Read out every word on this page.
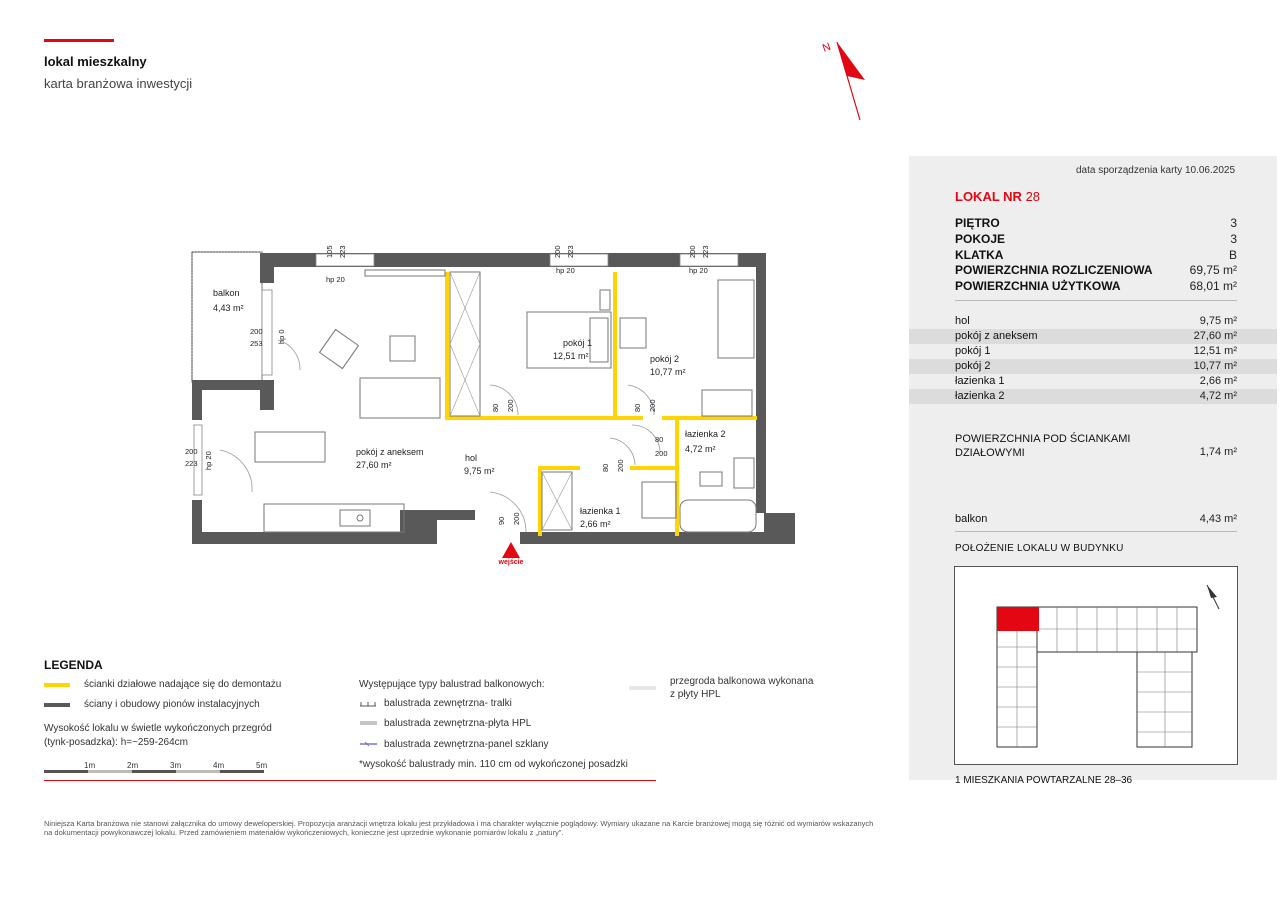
lokal mieszkalny
karta branżowa inwestycji
N
wejście
balkon
4,43 m²
pokój z aneksem
27,60 m²
pokój 1
12,51 m²	pokój 2
10,77 m²
hol
9,75 m²
łazienka 1
2,66 m²
łazienka 2
4,72 m²
105 223
hp 20
200 223
hp 20
200 223
hp 20
200
253 hp 0
200
223 hp 20
80 200	80 200
80
200
80 200
90 200
data sporządzenia karty 10.06.2025
LOKAL NR 28
PIĘTRO	3
POKOJE	3
KLATKA	B
POWIERZCHNIA ROZLICZENIOWA	69,75 m²
POWIERZCHNIA UŻYTKOWA	68,01 m²
hol	9,75 m²
pokój z aneksem	27,60 m²
pokój 1	12,51 m²
pokój 2	10,77 m²
łazienka 1	2,66 m²
łazienka 2	4,72 m²
POWIERZCHNIA POD ŚCIANKAMI
DZIAŁOWYMI	1,74 m²
balkon	4,43 m²
POŁOŻENIE LOKALU W BUDYNKU
1 MIESZKANIA POWTARZALNE 28–36
LEGENDA
ścianki działowe nadające się do demontażu
ściany i obudowy pionów instalacyjnych
Wysokość lokalu w świetle wykończonych przegród
(tynk-posadzka): h=~259-264cm
1m	2m	3m	4m	5m
Występujące typy balustrad balkonowych:
balustrada zewnętrzna- tralki
balustrada zewnętrzna-płyta HPL
balustrada zewnętrzna-panel szklany
*wysokość balustrady min. 110 cm od wykończonej posadzki
przegroda balkonowa wykonana
z płyty HPL
Niniejsza Karta branżowa nie stanowi załącznika do umowy deweloperskiej. Propozycja aranżacji wnętrza lokalu jest przykładowa i ma charakter wyłącznie poglądowy. Wymiary ukazane na Karcie branżowej mogą się różnić od wymiarów wskazanych na dokumentacji powykonawczej lokalu. Przed zamówieniem materiałów wykończeniowych, konieczne jest uprzednie wykonanie pomiarów lokalu z „natury”.
